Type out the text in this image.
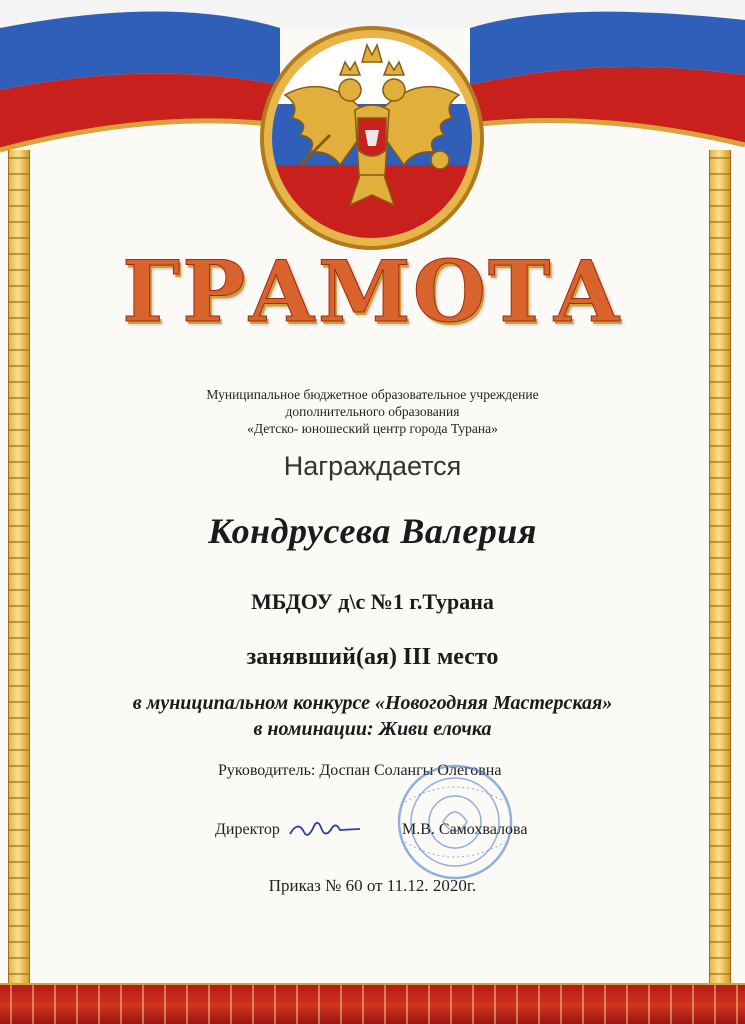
ГРАМОТА
Муниципальное бюджетное образовательное учреждение
дополнительного образования
«Детско- юношеский центр города Турана»
Награждается
Кондрусева Валерия
МБДОУ д\с №1 г.Турана
занявший(ая) III место
в муниципальном конкурсе «Новогодняя Мастерская»
в номинации: Живи елочка
Руководитель: Доспан Солангы Олеговна
Директор	М.В. Самохвалова
Приказ № 60 от 11.12. 2020г.
